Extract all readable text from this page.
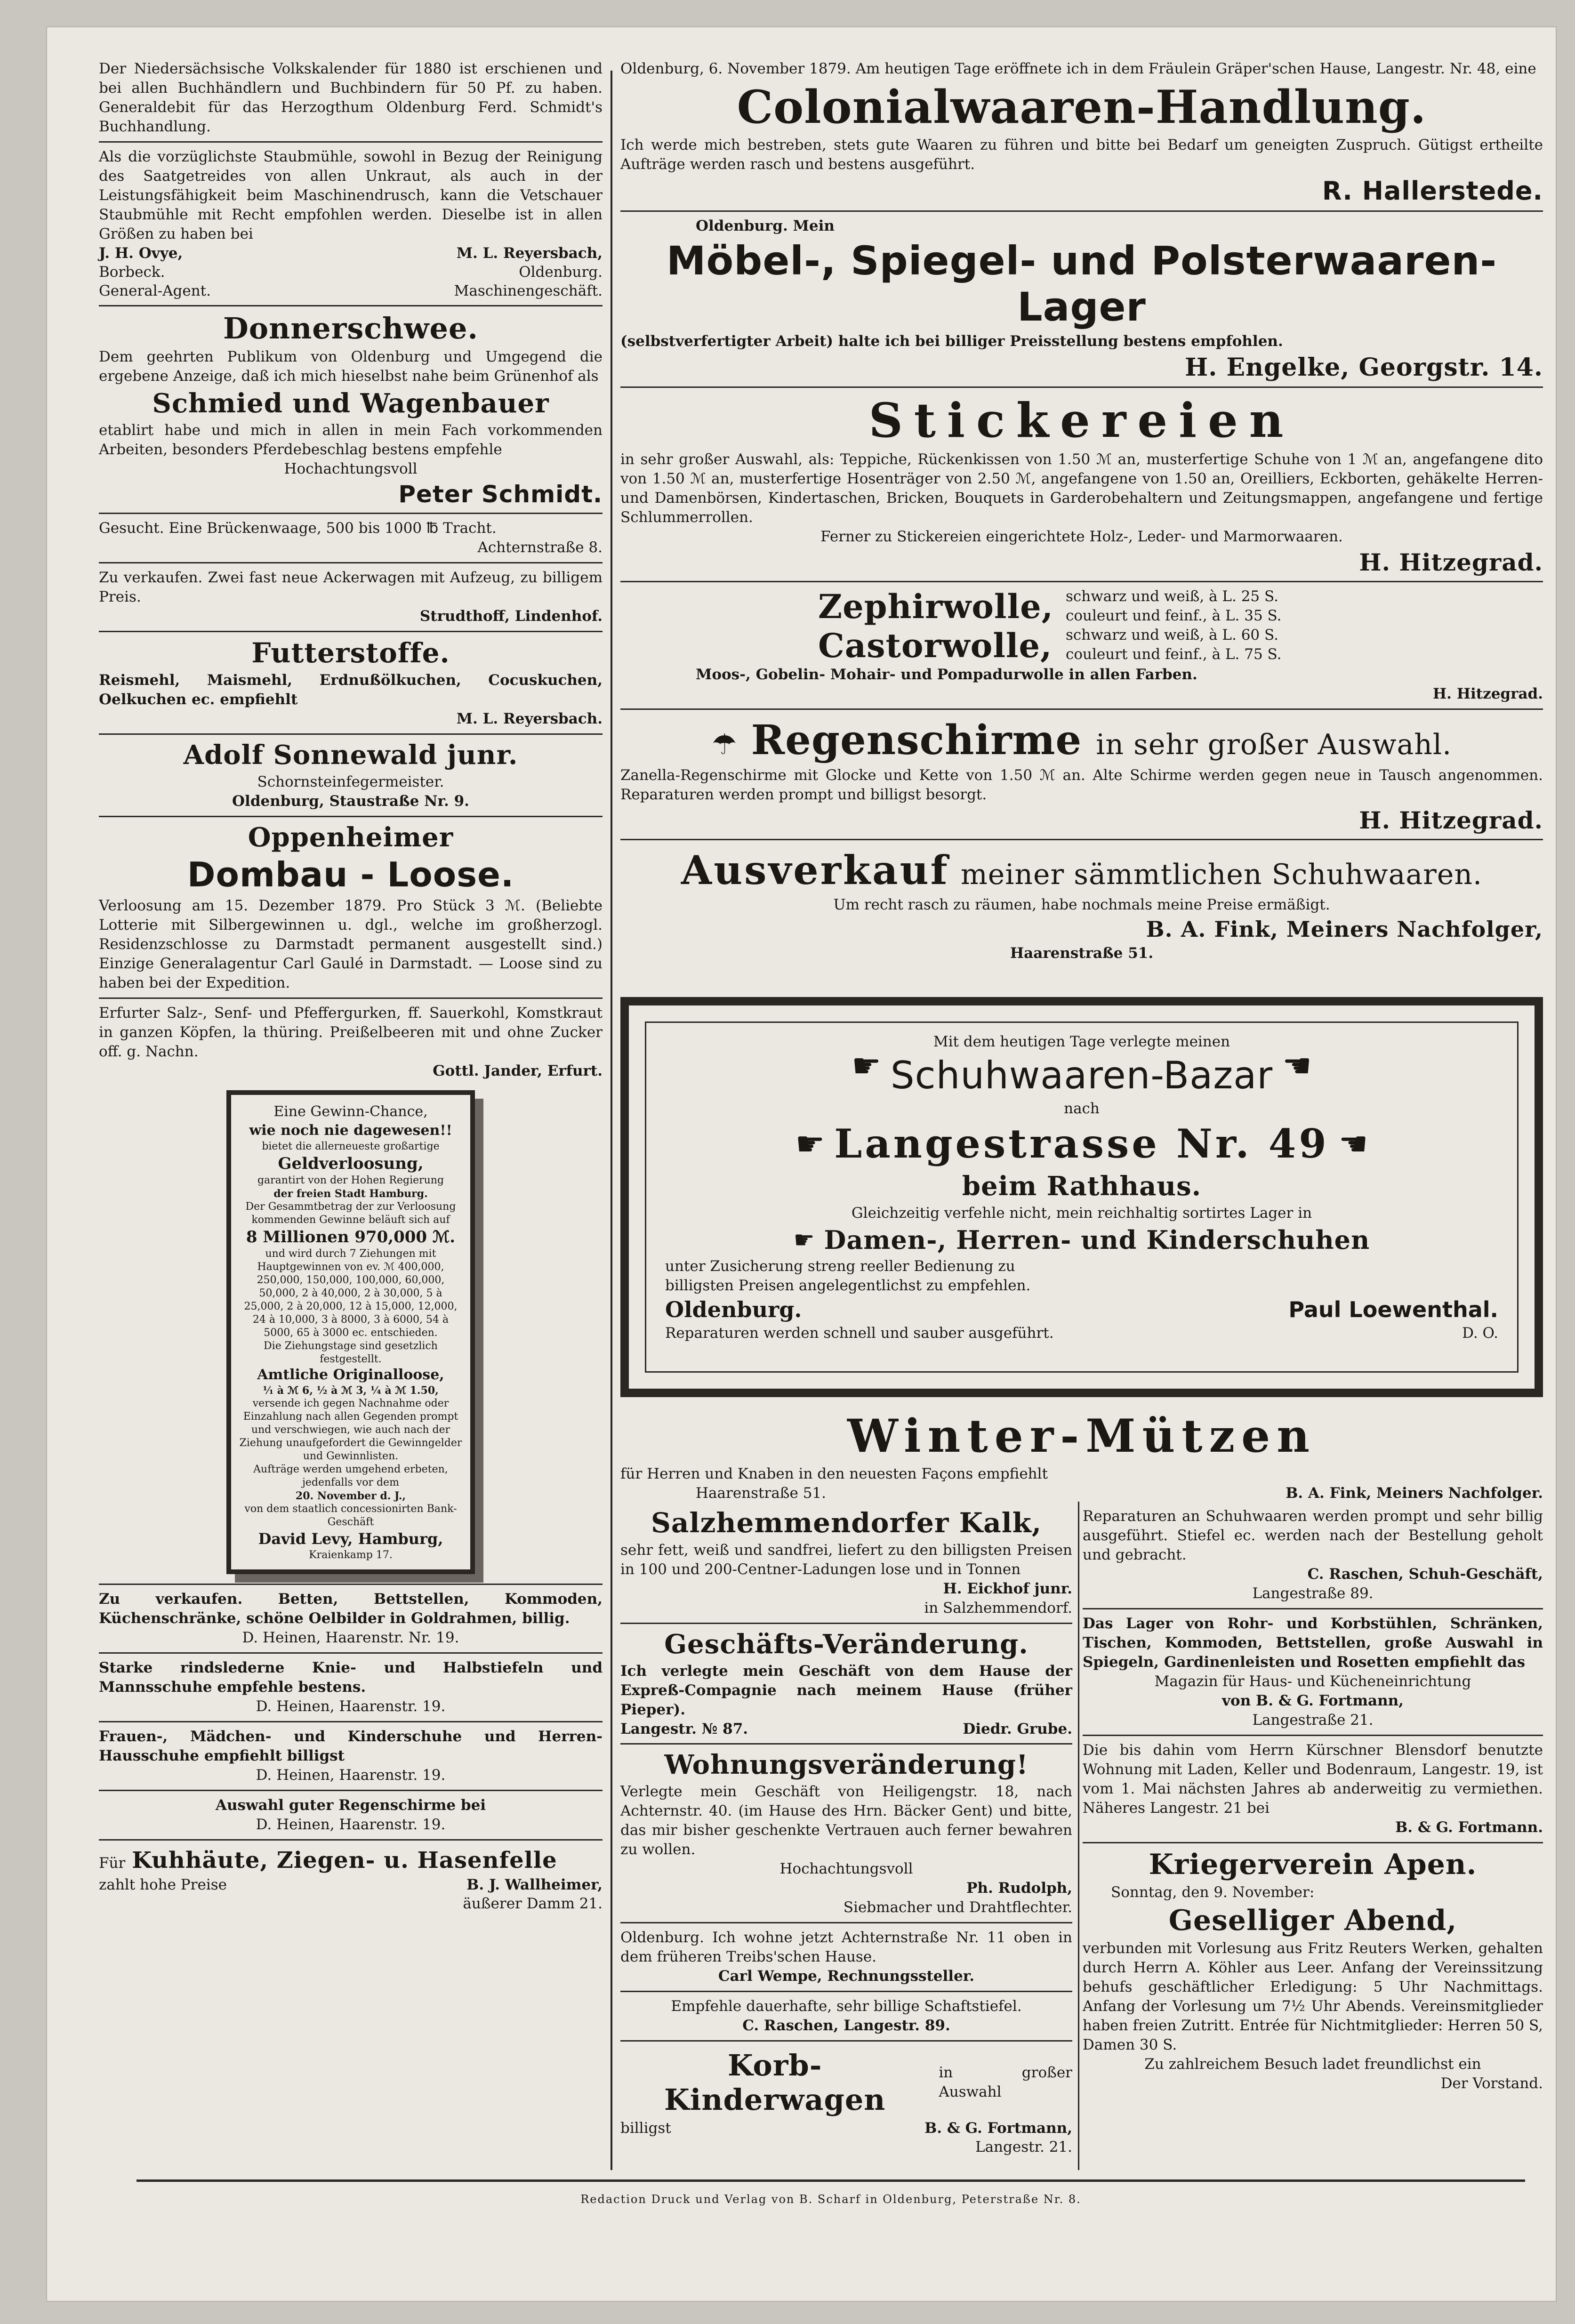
Der Niedersächsische Volkskalender für 1880 ist erschienen und bei allen Buchhändlern und Buchbindern für 50 Pf. zu haben. Generaldebit für das Herzogthum Oldenburg Ferd. Schmidt's Buchhandlung.

Als die vorzüglichste Staubmühle, sowohl in Bezug der Reinigung des Saatgetreides von allen Unkraut, als auch in der Leistungsfähigkeit beim Maschinendrusch, kann die Vetschauer Staubmühle mit Recht empfohlen werden. Dieselbe ist in allen Größen zu haben bei

J. H. Ovye,	M. L. Reyersbach,
Borbeck.	Oldenburg.
General-Agent.	Maschinengeschäft.
Donnerschwee.

Dem geehrten Publikum von Oldenburg und Umgegend die ergebene Anzeige, daß ich mich hieselbst nahe beim Grünenhof als

Schmied und Wagenbauer

etablirt habe und mich in allen in mein Fach vorkommenden Arbeiten, besonders Pferdebeschlag bestens empfehle

Hochachtungsvoll

Peter Schmidt.

Gesucht. Eine Brückenwaage, 500 bis 1000 ℔ Tracht.

Achternstraße 8.

Zu verkaufen. Zwei fast neue Ackerwagen mit Aufzeug, zu billigem Preis.

Strudthoff, Lindenhof.

Futterstoffe.

Reismehl, Maismehl, Erdnußölkuchen, Cocuskuchen, Oelkuchen ec. empfiehlt

M. L. Reyersbach.

Adolf Sonnewald junr.

Schornsteinfegermeister.

Oldenburg, Staustraße Nr. 9.

Oppenheimer
Dombau - Loose.

Verloosung am 15. Dezember 1879. Pro Stück 3 ℳ. (Beliebte Lotterie mit Silbergewinnen u. dgl., welche im großherzogl. Residenzschlosse zu Darmstadt permanent ausgestellt sind.) Einzige Generalagentur Carl Gaulé in Darmstadt. — Loose sind zu haben bei der Expedition.

Erfurter Salz-, Senf- und Pfeffergurken, ff. Sauerkohl, Komstkraut in ganzen Köpfen, la thüring. Preißelbeeren mit und ohne Zucker off. g. Nachn.

Gottl. Jander, Erfurt.

Eine Gewinn-Chance,

wie noch nie dagewesen!!

bietet die allerneueste großartige

Geldverloosung,

garantirt von der Hohen Regierung

der freien Stadt Hamburg.

Der Gesammtbetrag der zur Verloosung kommenden Gewinne beläuft sich auf

8 Millionen 970,000 ℳ.

und wird durch 7 Ziehungen mit Hauptgewinnen von ev. ℳ 400,000, 250,000, 150,000, 100,000, 60,000, 50,000, 2 à 40,000, 2 à 30,000, 5 à 25,000, 2 à 20,000, 12 à 15,000, 12,000, 24 à 10,000, 3 à 8000, 3 à 6000, 54 à 5000, 65 à 3000 ec. entschieden.

Die Ziehungstage sind gesetzlich festgestellt.

Amtliche Originalloose,

¹⁄₁ à ℳ 6, ¹⁄₂ à ℳ 3, ¹⁄₄ à ℳ 1.50,

versende ich gegen Nachnahme oder Einzahlung nach allen Gegenden prompt und verschwiegen, wie auch nach der Ziehung unaufgefordert die Gewinngelder und Gewinnlisten.

Aufträge werden umgehend erbeten, jedenfalls vor dem

20. November d. J.,

von dem staatlich concessionirten Bank-Geschäft

David Levy, Hamburg,

Kraienkamp 17.

Zu verkaufen. Betten, Bettstellen, Kommoden, Küchenschränke, schöne Oelbilder in Goldrahmen, billig.

D. Heinen, Haarenstr. Nr. 19.

Starke rindslederne Knie- und Halbstiefeln und Mannsschuhe empfehle bestens.

D. Heinen, Haarenstr. 19.

Frauen-, Mädchen- und Kinderschuhe und Herren-Hausschuhe empfiehlt billigst

D. Heinen, Haarenstr. 19.

Auswahl guter Regenschirme bei

D. Heinen, Haarenstr. 19.

Für Kuhhäute, Ziegen- u. Hasenfelle
zahlt hohe Preise	B. J. Wallheimer,

äußerer Damm 21.

Oldenburg, 6. November 1879. Am heutigen Tage eröffnete ich in dem Fräulein Gräper'schen Hause, Langestr. Nr. 48, eine

Colonialwaaren-Handlung.

Ich werde mich bestreben, stets gute Waaren zu führen und bitte bei Bedarf um geneigten Zuspruch. Gütigst ertheilte Aufträge werden rasch und bestens ausgeführt.

R. Hallerstede.

Oldenburg. Mein

Möbel-, Spiegel- und Polsterwaaren-Lager

(selbstverfertigter Arbeit) halte ich bei billiger Preisstellung bestens empfohlen.

H. Engelke, Georgstr. 14.
Stickereien

in sehr großer Auswahl, als: Teppiche, Rückenkissen von 1.50 ℳ an, musterfertige Schuhe von 1 ℳ an, angefangene dito von 1.50 ℳ an, musterfertige Hosenträger von 2.50 ℳ, angefangene von 1.50 an, Oreilliers, Eckborten, gehäkelte Herren- und Damenbörsen, Kindertaschen, Bricken, Bouquets in Garderobehaltern und Zeitungsmappen, angefangene und fertige Schlummerrollen.

Ferner zu Stickereien eingerichtete Holz-, Leder- und Marmorwaaren.

H. Hitzegrad.
Zephirwolle,
Castorwolle,

schwarz und weiß, à L. 25 S.

couleurt und feinf., à L. 35 S.

schwarz und weiß, à L. 60 S.

couleurt und feinf., à L. 75 S.

Moos-, Gobelin- Mohair- und Pompadurwolle in allen Farben.

H. Hitzegrad.

☂ Regenschirme in sehr großer Auswahl.

Zanella-Regenschirme mit Glocke und Kette von 1.50 ℳ an. Alte Schirme werden gegen neue in Tausch angenommen. Reparaturen werden prompt und billigst besorgt.

H. Hitzegrad.
Ausverkauf meiner sämmtlichen Schuhwaaren.

Um recht rasch zu räumen, habe nochmals meine Preise ermäßigt.

B. A. Fink, Meiners Nachfolger,

Haarenstraße 51.

☛

Mit dem heutigen Tage verlegte meinen

Schuhwaaren-Bazar ☚

nach

☛ Langestrasse Nr. 49 ☚
beim Rathhaus.

Gleichzeitig verfehle nicht, mein reichhaltig sortirtes Lager in

☛ Damen-, Herren- und Kinderschuhen

unter Zusicherung streng reeller Bedienung zu

billigsten Preisen angelegentlichst zu empfehlen.

Oldenburg.	Paul Loewenthal.
Reparaturen werden schnell und sauber ausgeführt.	D. O.
Winter-Mützen

für Herren und Knaben in den neuesten Façons empfiehlt

Haarenstraße 51.	B. A. Fink, Meiners Nachfolger.
Salzhemmendorfer Kalk,

sehr fett, weiß und sandfrei, liefert zu den billigsten Preisen in 100 und 200-Centner-Ladungen lose und in Tonnen

H. Eickhof junr.

in Salzhemmendorf.

Geschäfts-Veränderung.

Ich verlegte mein Geschäft von dem Hause der Expreß-Compagnie nach meinem Hause (früher Pieper).

Langestr. № 87.	Diedr. Grube.
Wohnungsveränderung!

Verlegte mein Geschäft von Heiligengstr. 18, nach Achternstr. 40. (im Hause des Hrn. Bäcker Gent) und bitte, das mir bisher geschenkte Vertrauen auch ferner bewahren zu wollen.

Hochachtungsvoll

Ph. Rudolph,

Siebmacher und Drahtflechter.

Oldenburg. Ich wohne jetzt Achternstraße Nr. 11 oben in dem früheren Treibs'schen Hause.

Carl Wempe, Rechnungssteller.

Empfehle dauerhafte, sehr billige Schaftstiefel.

C. Raschen, Langestr. 89.

Korb-Kinderwagen
in großer Auswahl
billigst	B. & G. Fortmann,

Langestr. 21.

Reparaturen an Schuhwaaren werden prompt und sehr billig ausgeführt. Stiefel ec. werden nach der Bestellung geholt und gebracht.

C. Raschen, Schuh-Geschäft,

Langestraße 89.

Das Lager von Rohr- und Korbstühlen, Schränken, Tischen, Kommoden, Bettstellen, große Auswahl in Spiegeln, Gardinenleisten und Rosetten empfiehlt das

Magazin für Haus- und Kücheneinrichtung

von B. & G. Fortmann,

Langestraße 21.

Die bis dahin vom Herrn Kürschner Blensdorf benutzte Wohnung mit Laden, Keller und Bodenraum, Langestr. 19, ist vom 1. Mai nächsten Jahres ab anderweitig zu vermiethen. Näheres Langestr. 21 bei

B. & G. Fortmann.

Kriegerverein Apen.

Sonntag, den 9. November:

Geselliger Abend,

verbunden mit Vorlesung aus Fritz Reuters Werken, gehalten durch Herrn A. Köhler aus Leer. Anfang der Vereinssitzung behufs geschäftlicher Erledigung: 5 Uhr Nachmittags. Anfang der Vorlesung um 7¹⁄₂ Uhr Abends. Vereinsmitglieder haben freien Zutritt. Entrée für Nichtmitglieder: Herren 50 S, Damen 30 S.

Zu zahlreichem Besuch ladet freundlichst ein

Der Vorstand.

Redaction Druck und Verlag von B. Scharf in Oldenburg, Peterstraße Nr. 8.
